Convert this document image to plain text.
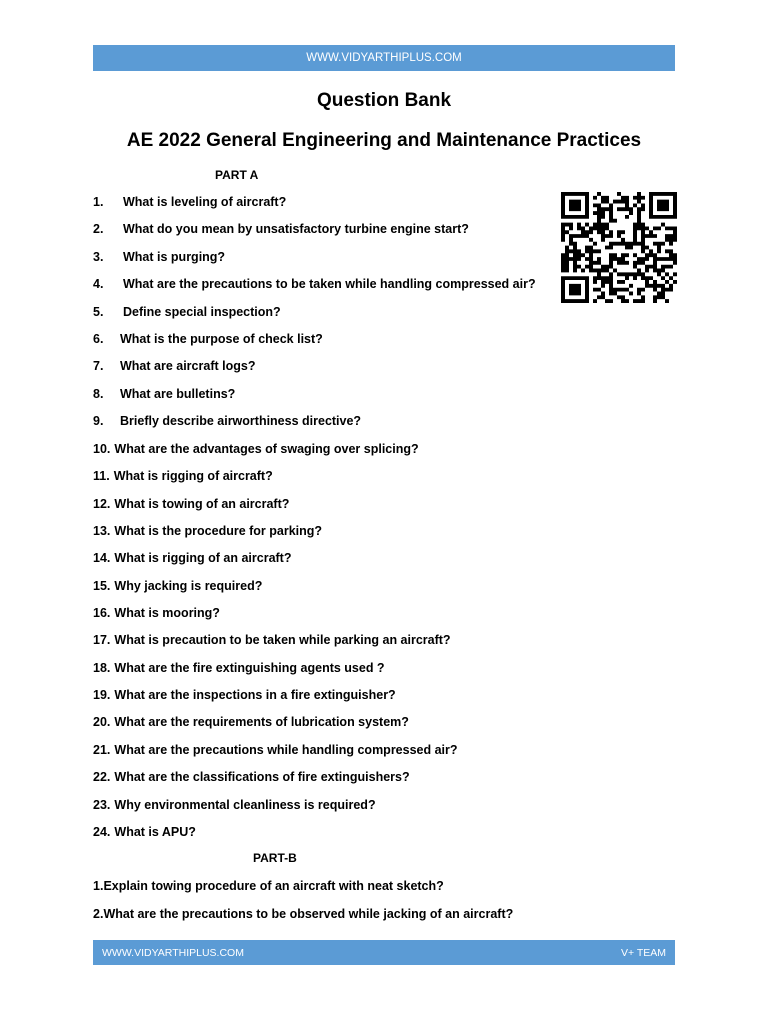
WWW.VIDYARTHIPLUS.COM
Question Bank
AE 2022 General Engineering and Maintenance Practices
PART A
1. What is leveling of aircraft?
2. What do you mean by unsatisfactory turbine engine start?
3. What is purging?
4. What are the precautions to be taken while handling compressed air?
5. Define special inspection?
6. What is the purpose of check list?
7. What are aircraft logs?
8. What are bulletins?
9. Briefly describe airworthiness directive?
10. What are the advantages of swaging over splicing?
11. What is rigging of aircraft?
12. What is towing of an aircraft?
13. What is the procedure for parking?
14. What is rigging of an aircraft?
15. Why jacking is required?
16. What is mooring?
17. What is precaution to be taken while parking an aircraft?
18. What are the fire extinguishing agents used ?
19. What are the inspections in a fire extinguisher?
20. What are the requirements of lubrication system?
21. What are the precautions while handling compressed air?
22. What are the classifications of fire extinguishers?
23. Why environmental cleanliness is required?
24. What is APU?
PART-B
1.Explain towing procedure of an aircraft with neat sketch?
2.What are the precautions to be observed while jacking of an aircraft?
WWW.VIDYARTHIPLUS.COM	V+ TEAM
